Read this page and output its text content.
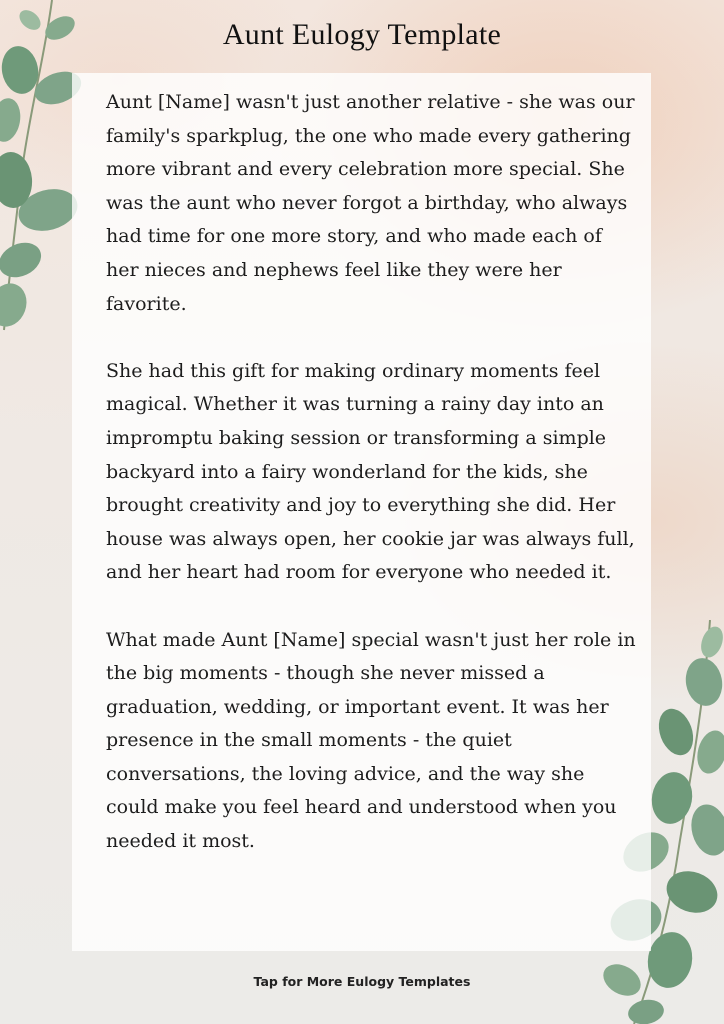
Aunt Eulogy Template

Aunt [Name] wasn't just another relative - she was our family's sparkplug, the one who made every gathering more vibrant and every celebration more special. She was the aunt who never forgot a birthday, who always had time for one more story, and who made each of her nieces and nephews feel like they were her favorite.

She had this gift for making ordinary moments feel magical. Whether it was turning a rainy day into an impromptu baking session or transforming a simple backyard into a fairy wonderland for the kids, she brought creativity and joy to everything she did. Her house was always open, her cookie jar was always full, and her heart had room for everyone who needed it.

What made Aunt [Name] special wasn't just her role in the big moments - though she never missed a graduation, wedding, or important event. It was her presence in the small moments - the quiet conversations, the loving advice, and the way she could make you feel heard and understood when you needed it most.

Tap for More Eulogy Templates
